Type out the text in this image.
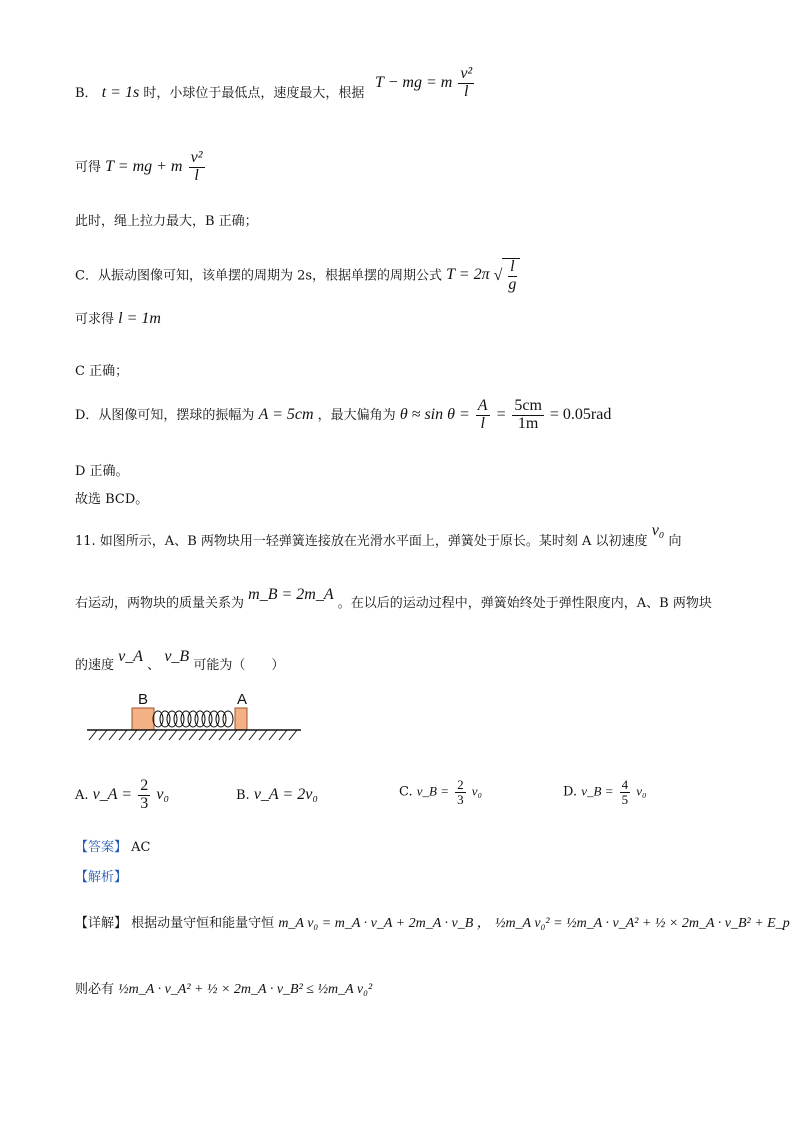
B． t = 1s 时，小球位于最低点，速度最大，根据
T − mg = m $\frac{\text{v²}}{l}$
可得 T = mg + m $\frac{\text{v²}}{l}$
此时，绳上拉力最大，B 正确；
C．从振动图像可知，该单摆的周期为 2s，根据单摆的周期公式 T = 2π √ $\frac{l}{g}$
可求得 l = 1m
C 正确；
D．从图像可知，摆球的振幅为 A = 5cm ，最大偏角为 $\theta \approx \sin \theta = \frac{A}{l} = \frac{5cm}{1m} = 0.05rad$
D 正确。
故选 BCD。
11. 如图所示，A、B 两物块用一轻弹簧连接放在光滑水平面上，弹簧处于原长。某时刻 A 以初速度 v₀ 向
右运动，两物块的质量关系为 m_B = 2m_A 。在以后的运动过程中，弹簧始终处于弹性限度内，A、B 两物块
的速度 v_A 、 v_B 可能为（　　）
B	A
A. v_A = $\frac{2}{3} v_0$	B. v_A = 2v₀	C. v_B = $\frac{2}{3} v_0$	D. v_B = $\frac{4}{5} v_0$
【答案】 AC
【解析】
【详解】 根据动量守恒和能量守恒 m_A v₀ = m_A · v_A + 2m_A · v_B ， ½m_A v₀² = ½m_A · v_A² + ½ × 2m_A · v_B² + E_p
则必有 ½m_A · v_A² + ½ × 2m_A · v_B² ≤ ½m_A v₀²
